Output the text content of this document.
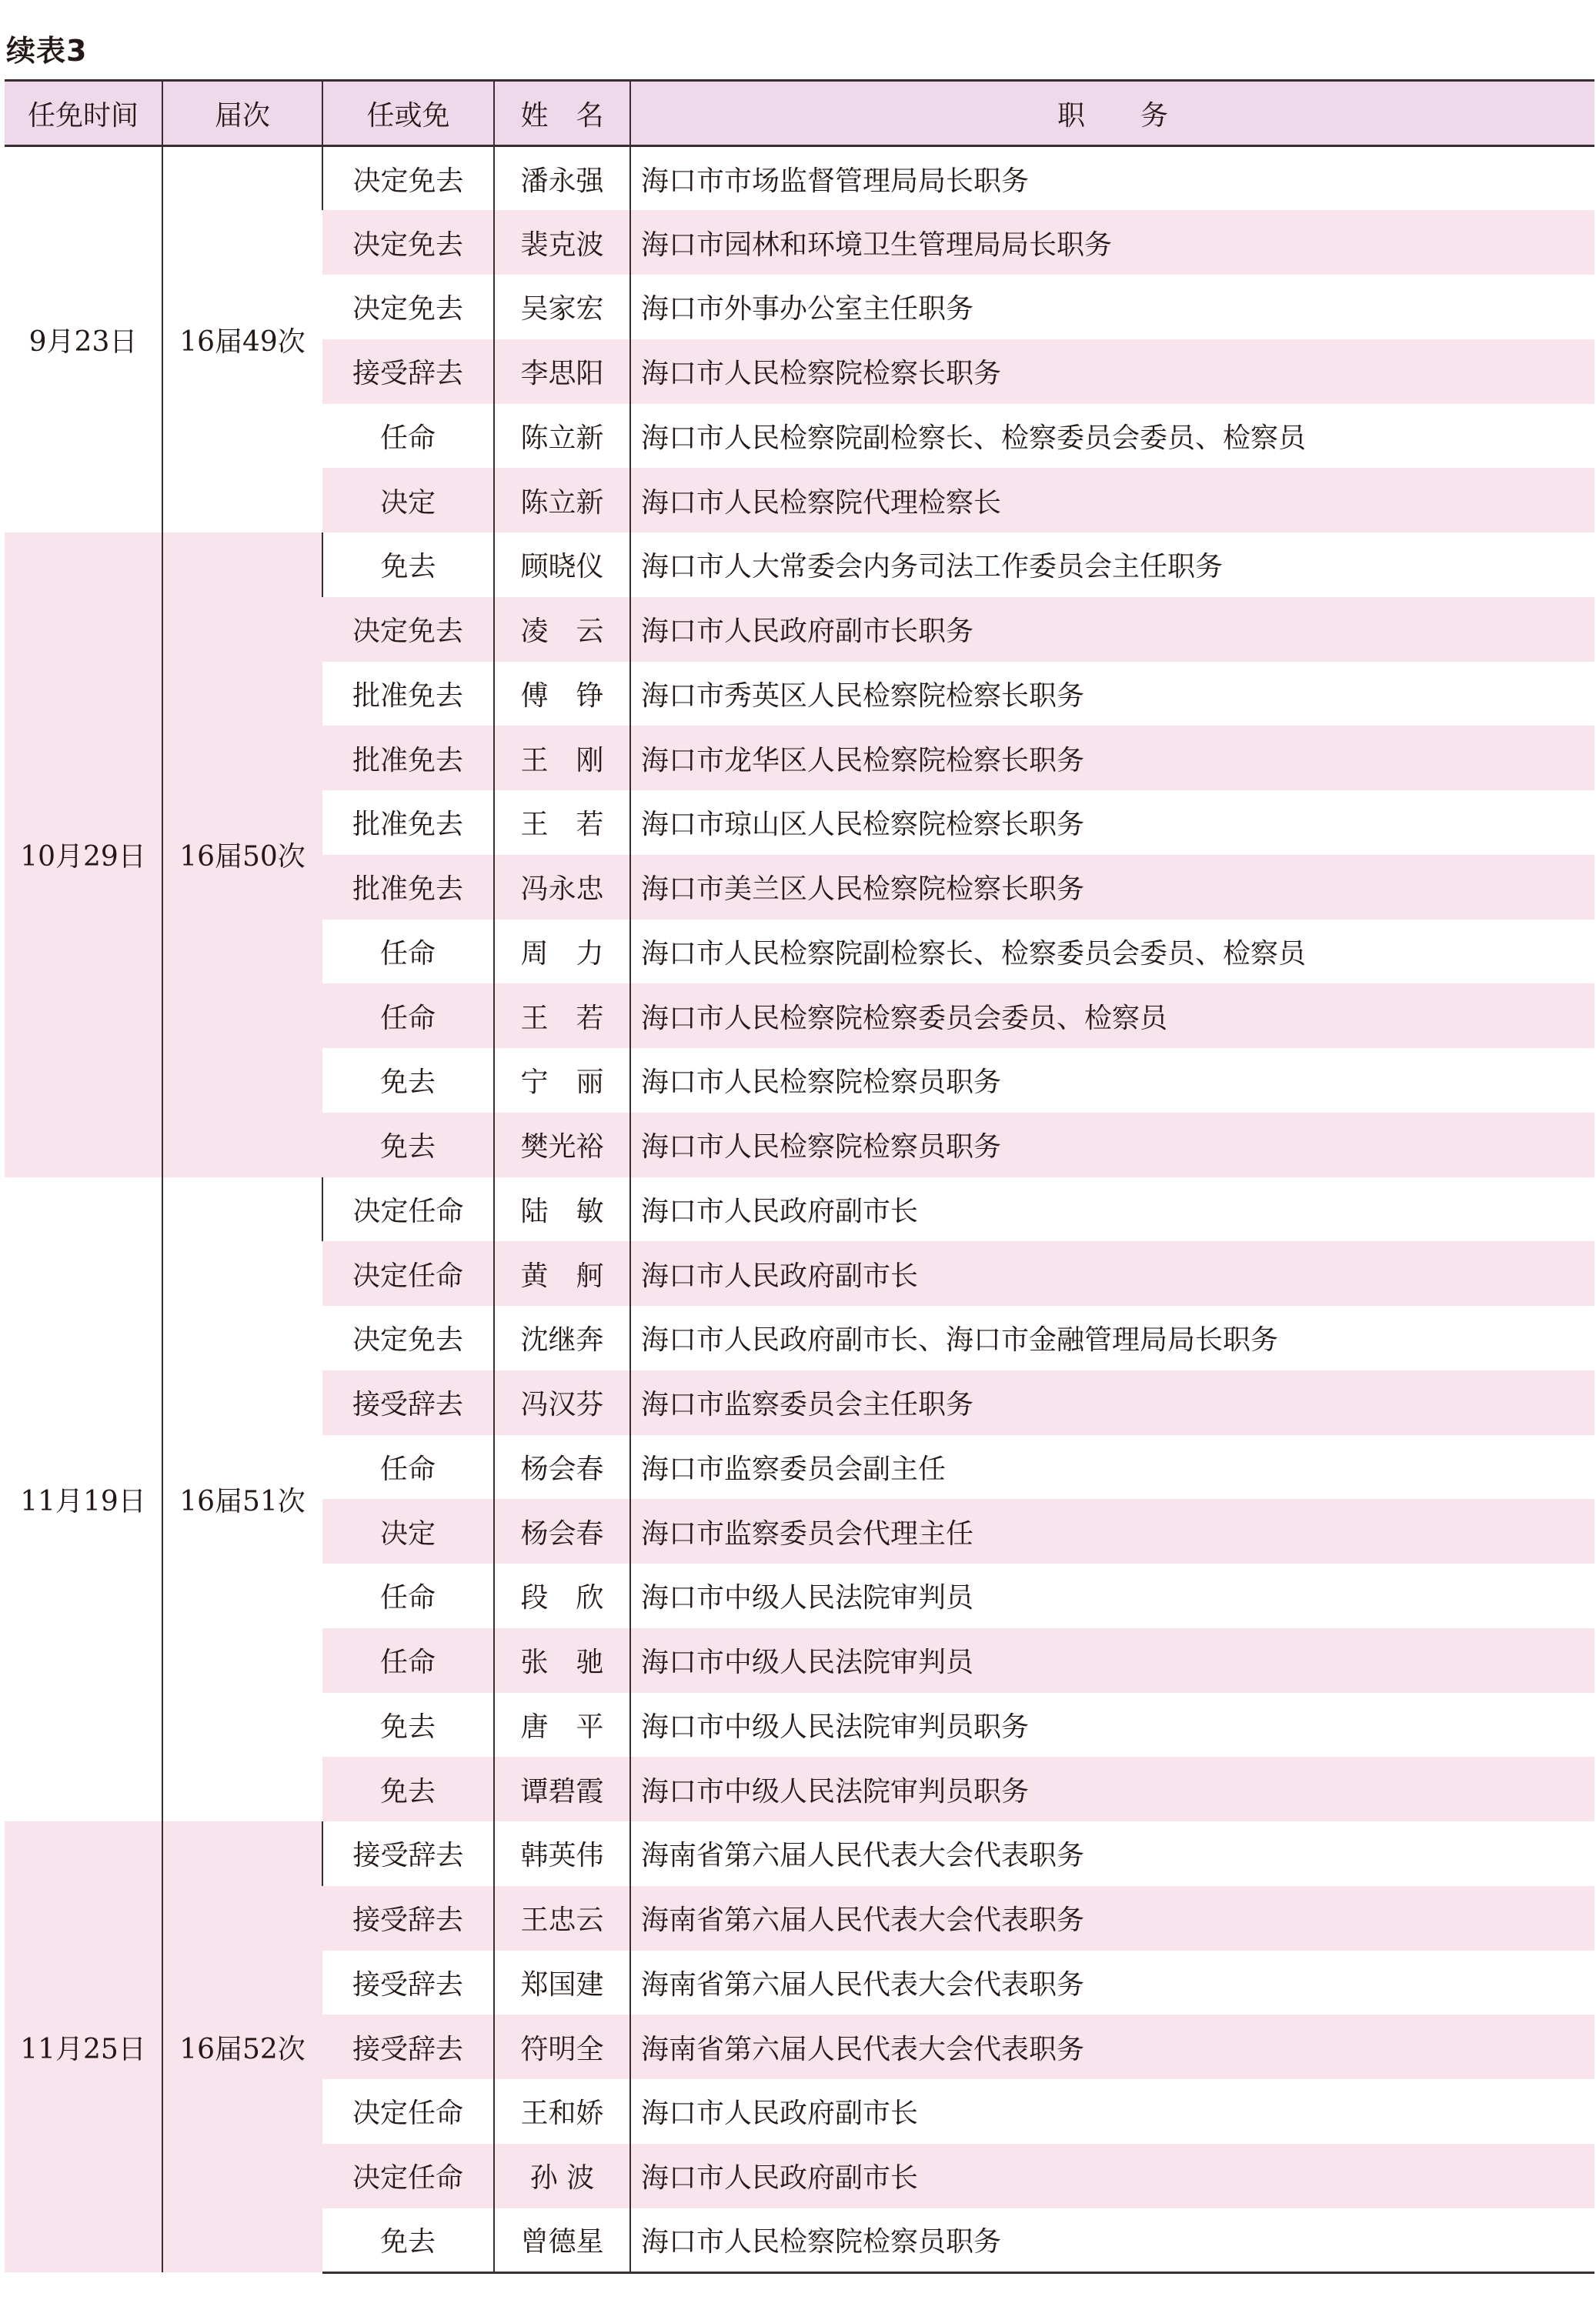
续表3
任免时间	届次	任或免	姓　名	职　　务
9月23日	16届49次	决定免去	潘永强	海口市市场监督管理局局长职务
		决定免去	裴克波	海口市园林和环境卫生管理局局长职务
		决定免去	吴家宏	海口市外事办公室主任职务
		接受辞去	李思阳	海口市人民检察院检察长职务
		任命	陈立新	海口市人民检察院副检察长、检察委员会委员、检察员
		决定	陈立新	海口市人民检察院代理检察长
10月29日	16届50次	免去	顾晓仪	海口市人大常委会内务司法工作委员会主任职务
		决定免去	凌　云	海口市人民政府副市长职务
		批准免去	傅　铮	海口市秀英区人民检察院检察长职务
		批准免去	王　刚	海口市龙华区人民检察院检察长职务
		批准免去	王　若	海口市琼山区人民检察院检察长职务
		批准免去	冯永忠	海口市美兰区人民检察院检察长职务
		任命	周　力	海口市人民检察院副检察长、检察委员会委员、检察员
		任命	王　若	海口市人民检察院检察委员会委员、检察员
		免去	宁　丽	海口市人民检察院检察员职务
		免去	樊光裕	海口市人民检察院检察员职务
11月19日	16届51次	决定任命	陆　敏	海口市人民政府副市长
		决定任命	黄　舸	海口市人民政府副市长
		决定免去	沈继奔	海口市人民政府副市长、海口市金融管理局局长职务
		接受辞去	冯汉芬	海口市监察委员会主任职务
		任命	杨会春	海口市监察委员会副主任
		决定	杨会春	海口市监察委员会代理主任
		任命	段　欣	海口市中级人民法院审判员
		任命	张　驰	海口市中级人民法院审判员
		免去	唐　平	海口市中级人民法院审判员职务
		免去	谭碧霞	海口市中级人民法院审判员职务
11月25日	16届52次	接受辞去	韩英伟	海南省第六届人民代表大会代表职务
		接受辞去	王忠云	海南省第六届人民代表大会代表职务
		接受辞去	郑国建	海南省第六届人民代表大会代表职务
		接受辞去	符明全	海南省第六届人民代表大会代表职务
		决定任命	王和娇	海口市人民政府副市长
		决定任命	孙 波	海口市人民政府副市长
		免去	曾德星	海口市人民检察院检察员职务
